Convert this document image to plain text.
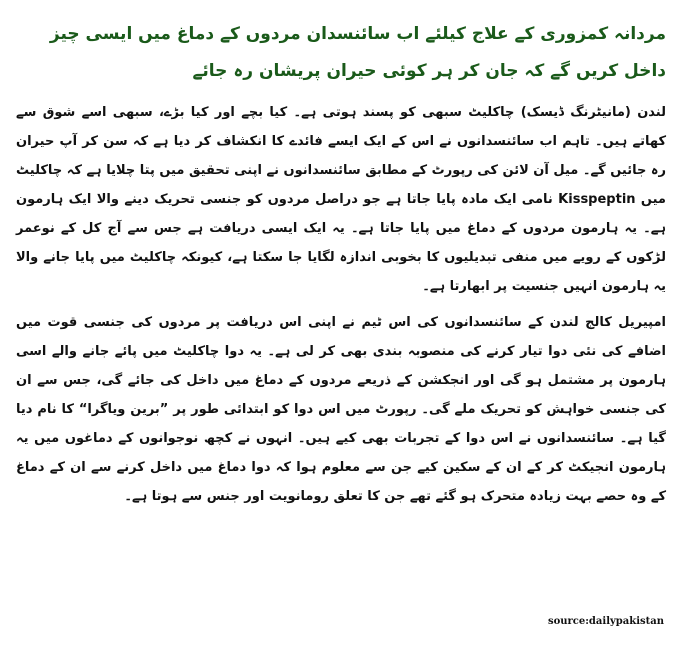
مردانہ کمزوری کے علاج کیلئے اب سائنسدان مردوں کے دماغ میں ایسی چیز داخل کریں گے کہ جان کر ہر کوئی حیران پریشان رہ جائے

لندن (مانیٹرنگ ڈیسک) چاکلیٹ سبھی کو پسند ہوتی ہے۔ کیا بچے اور کیا بڑے، سبھی اسے شوق سے کھاتے ہیں۔ تاہم اب سائنسدانوں نے اس کے ایک ایسے فائدے کا انکشاف کر دیا ہے کہ سن کر آپ حیران رہ جائیں گے۔ میل آن لائن کی رپورٹ کے مطابق سائنسدانوں نے اپنی تحقیق میں پتا چلایا ہے کہ چاکلیٹ میں Kisspeptin نامی ایک مادہ پایا جاتا ہے جو دراصل مردوں کو جنسی تحریک دینے والا ایک ہارمون ہے۔ یہ ہارمون مردوں کے دماغ میں پایا جاتا ہے۔ یہ ایک ایسی دریافت ہے جس سے آج کل کے نوعمر لڑکوں کے رویے میں منفی تبدیلیوں کا بخوبی اندازہ لگایا جا سکتا ہے، کیونکہ چاکلیٹ میں پایا جانے والا یہ ہارمون انہیں جنسیت پر ابھارتا ہے۔

امپیریل کالج لندن کے سائنسدانوں کی اس ٹیم نے اپنی اس دریافت پر مردوں کی جنسی قوت میں اضافے کی نئی دوا تیار کرنے کی منصوبہ بندی بھی کر لی ہے۔ یہ دوا چاکلیٹ میں پائے جانے والے اسی ہارمون پر مشتمل ہو گی اور انجکشن کے ذریعے مردوں کے دماغ میں داخل کی جائے گی، جس سے ان کی جنسی خواہش کو تحریک ملے گی۔ رپورٹ میں اس دوا کو ابتدائی طور پر ”برین ویاگرا“ کا نام دیا گیا ہے۔ سائنسدانوں نے اس دوا کے تجربات بھی کیے ہیں۔ انہوں نے کچھ نوجوانوں کے دماغوں میں یہ ہارمون انجیکٹ کر کے ان کے سکین کیے جن سے معلوم ہوا کہ دوا دماغ میں داخل کرنے سے ان کے دماغ کے وہ حصے بہت زیادہ متحرک ہو گئے تھے جن کا تعلق رومانویت اور جنس سے ہوتا ہے۔

source:dailypakistan
